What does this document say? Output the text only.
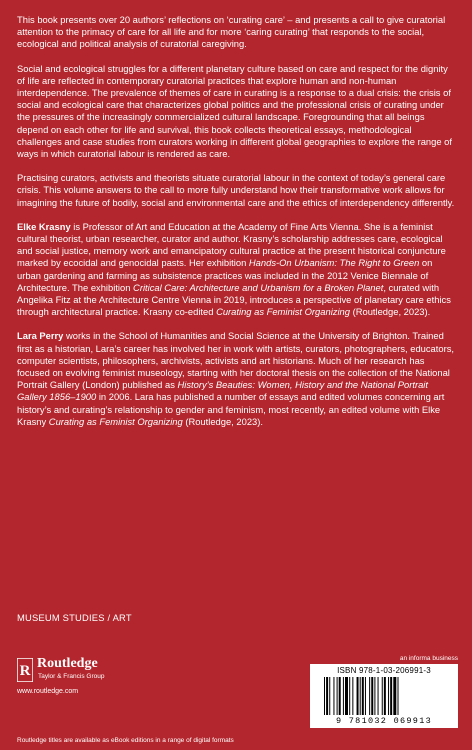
This book presents over 20 authors’ reflections on ‘curating care’ – and presents a call to give curatorial attention to the primacy of care for all life and for more ‘caring curating’ that responds to the social, ecological and political analysis of curatorial caregiving.

Social and ecological struggles for a different planetary culture based on care and respect for the dignity of life are reflected in contemporary curatorial practices that explore human and non-human interdependence. The prevalence of themes of care in curating is a response to a dual crisis: the crisis of social and ecological care that characterizes global politics and the professional crisis of curating under the pressures of the increasingly commercialized cultural landscape. Foregrounding that all beings depend on each other for life and survival, this book collects theoretical essays, methodological challenges and case studies from curators working in different global geographies to explore the range of ways in which curatorial labour is rendered as care.

Practising curators, activists and theorists situate curatorial labour in the context of today’s general care crisis. This volume answers to the call to more fully understand how their transformative work allows for imagining the future of bodily, social and environmental care and the ethics of interdependency differently.

Elke Krasny is Professor of Art and Education at the Academy of Fine Arts Vienna. She is a feminist cultural theorist, urban researcher, curator and author. Krasny’s scholarship addresses care, ecological and social justice, memory work and emancipatory cultural practice at the present historical conjuncture marked by ecocidal and genocidal pasts. Her exhibition Hands-On Urbanism: The Right to Green on urban gardening and farming as subsistence practices was included in the 2012 Venice Biennale of Architecture. The exhibition Critical Care: Architecture and Urbanism for a Broken Planet, curated with Angelika Fitz at the Architecture Centre Vienna in 2019, introduces a perspective of planetary care ethics through architectural practice. Krasny co-edited Curating as Feminist Organizing (Routledge, 2023).

Lara Perry works in the School of Humanities and Social Science at the University of Brighton. Trained first as a historian, Lara’s career has involved her in work with artists, curators, photographers, educators, computer scientists, philosophers, archivists, activists and art historians. Much of her research has focused on evolving feminist museology, starting with her doctoral thesis on the collection of the National Portrait Gallery (London) published as History’s Beauties: Women, History and the National Portrait Gallery 1856–1900 in 2006. Lara has published a number of essays and edited volumes concerning art history’s and curating’s relationship to gender and feminism, most recently, an edited volume with Elke Krasny Curating as Feminist Organizing (Routledge, 2023).

MUSEUM STUDIES / ART
R Routledge
Taylor & Francis Group
www.routledge.com
an informa business
ISBN 978-1-03-206991-3
9 781032 069913
Routledge titles are available as eBook editions in a range of digital formats
